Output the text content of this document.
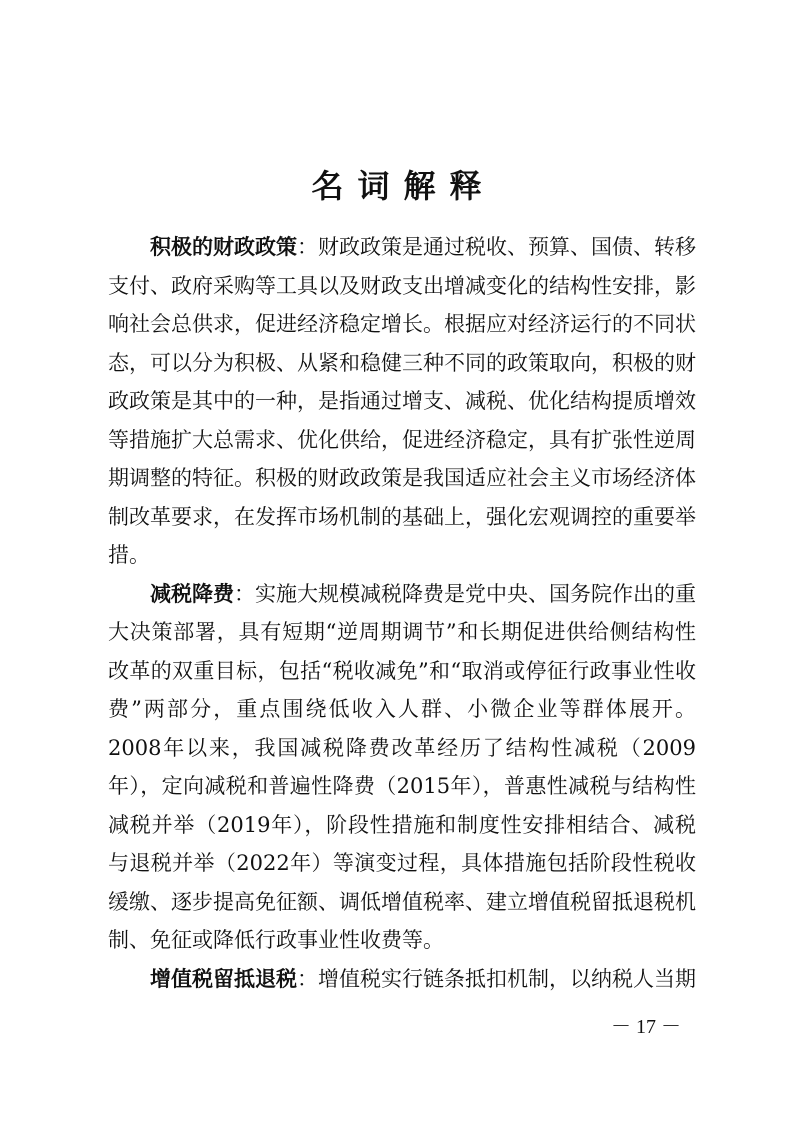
名词解释

积极的财政政策：财政政策是通过税收、预算、国债、转移支付、政府采购等工具以及财政支出增减变化的结构性安排，影响社会总供求，促进经济稳定增长。根据应对经济运行的不同状态，可以分为积极、从紧和稳健三种不同的政策取向，积极的财政政策是其中的一种，是指通过增支、减税、优化结构提质增效等措施扩大总需求、优化供给，促进经济稳定，具有扩张性逆周期调整的特征。积极的财政政策是我国适应社会主义市场经济体制改革要求，在发挥市场机制的基础上，强化宏观调控的重要举措。

减税降费：实施大规模减税降费是党中央、国务院作出的重大决策部署，具有短期“逆周期调节”和长期促进供给侧结构性改革的双重目标，包括“税收减免”和“取消或停征行政事业性收费”两部分，重点围绕低收入人群、小微企业等群体展开。2008年以来，我国减税降费改革经历了结构性减税（2009年），定向减税和普遍性降费（2015年），普惠性减税与结构性减税并举（2019年），阶段性措施和制度性安排相结合、减税与退税并举（2022年）等演变过程，具体措施包括阶段性税收缓缴、逐步提高免征额、调低增值税率、建立增值税留抵退税机制、免征或降低行政事业性收费等。

增值税留抵退税：增值税实行链条抵扣机制，以纳税人当期

－ 17 －
